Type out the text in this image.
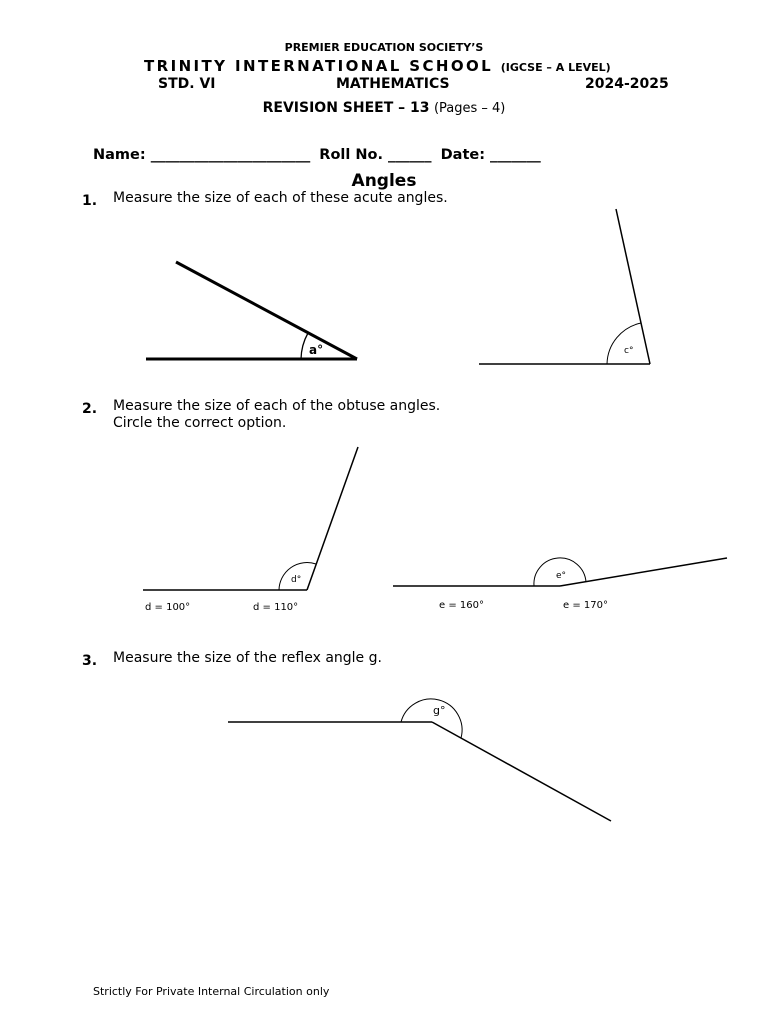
PREMIER EDUCATION SOCIETY’S
TRINITY INTERNATIONAL SCHOOL (IGCSE – A LEVEL)
STD. VI	MATHEMATICS	2024-2025
REVISION SHEET – 13 (Pages – 4)
Name: ______________________ Roll No. ______ Date: _______
Angles
1. Measure the size of each of these acute angles.
2. Measure the size of each of the obtuse angles.
Circle the correct option.
3. Measure the size of the reflex angle g.
a°	c°
d°
d = 100°	d = 110°
e°
e = 160°	e = 170°
g°
Strictly For Private Internal Circulation only
